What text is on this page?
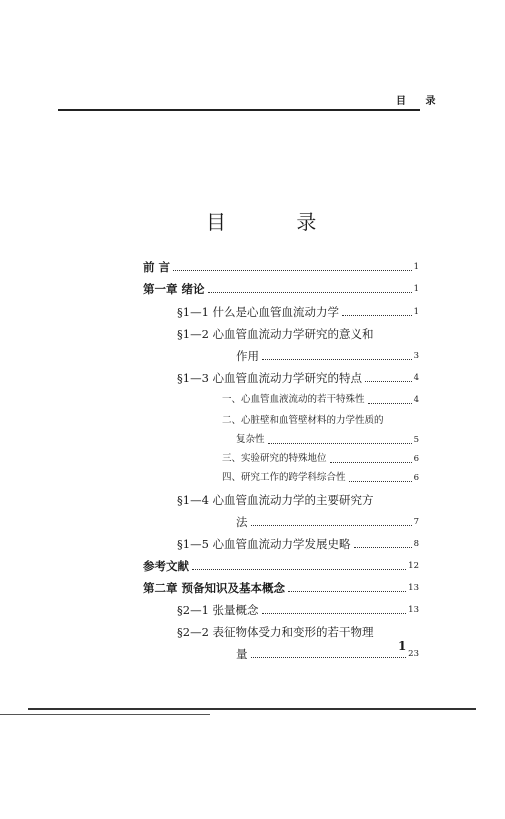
目 录
目 录
前 言	1
第一章 绪论	1
§1—1 什么是心血管血流动力学	1
§1—2 心血管血流动力学研究的意义和
作用	3
§1—3 心血管血流动力学研究的特点	4
一、心血管血液流动的若干特殊性	4
二、心脏壁和血管壁材料的力学性质的
复杂性	5
三、实验研究的特殊地位	6
四、研究工作的跨学科综合性	6
§1—4 心血管血流动力学的主要研究方
法	7
§1—5 心血管血流动力学发展史略	8
参考文献	12
第二章 预备知识及基本概念	13
§2—1 张量概念	13
§2—2 表征物体受力和变形的若干物理
量	23
1
